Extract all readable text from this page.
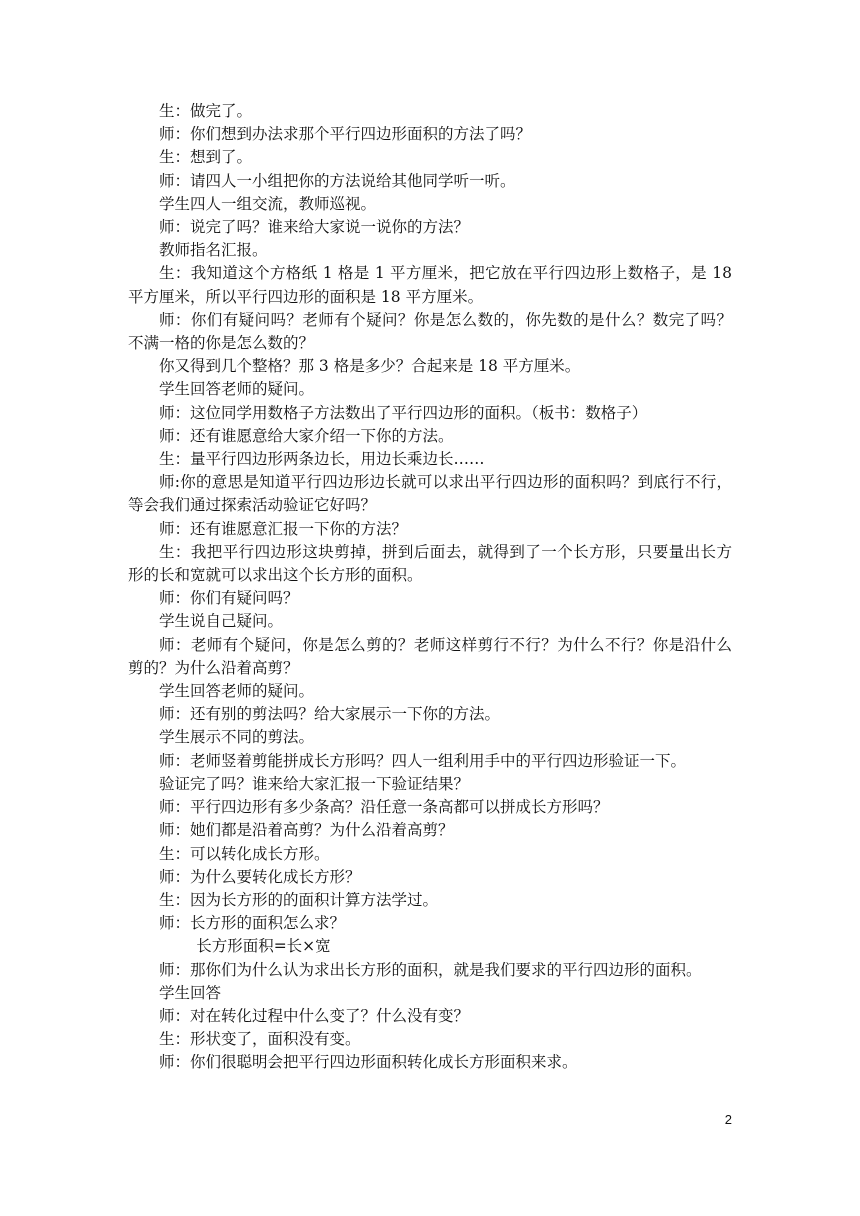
生：做完了。

师：你们想到办法求那个平行四边形面积的方法了吗？

生：想到了。

师：请四人一小组把你的方法说给其他同学听一听。

学生四人一组交流，教师巡视。

师：说完了吗？谁来给大家说一说你的方法？

教师指名汇报。

生：我知道这个方格纸 1 格是 1 平方厘米，把它放在平行四边形上数格子，是 18 平方厘米，所以平行四边形的面积是 18 平方厘米。

师：你们有疑问吗？老师有个疑问？你是怎么数的，你先数的是什么？数完了吗？不满一格的你是怎么数的？

你又得到几个整格？那 3 格是多少？合起来是 18 平方厘米。

学生回答老师的疑问。

师：这位同学用数格子方法数出了平行四边形的面积。（板书：数格子）

师：还有谁愿意给大家介绍一下你的方法。

生：量平行四边形两条边长，用边长乘边长……

师:你的意思是知道平行四边形边长就可以求出平行四边形的面积吗？到底行不行，等会我们通过探索活动验证它好吗？

师：还有谁愿意汇报一下你的方法？

生：我把平行四边形这块剪掉，拼到后面去，就得到了一个长方形，只要量出长方形的长和宽就可以求出这个长方形的面积。

师：你们有疑问吗？

学生说自己疑问。

师：老师有个疑问，你是怎么剪的？老师这样剪行不行？为什么不行？你是沿什么剪的？为什么沿着高剪？

学生回答老师的疑问。

师：还有别的剪法吗？给大家展示一下你的方法。

学生展示不同的剪法。

师：老师竖着剪能拼成长方形吗？四人一组利用手中的平行四边形验证一下。

验证完了吗？谁来给大家汇报一下验证结果？

师：平行四边形有多少条高？沿任意一条高都可以拼成长方形吗？

师：她们都是沿着高剪？为什么沿着高剪？

生：可以转化成长方形。

师：为什么要转化成长方形？

生：因为长方形的的面积计算方法学过。

师：长方形的面积怎么求？

长方形面积=长×宽

师：那你们为什么认为求出长方形的面积，就是我们要求的平行四边形的面积。

学生回答

师：对在转化过程中什么变了？什么没有变？

生：形状变了，面积没有变。

师：你们很聪明会把平行四边形面积转化成长方形面积来求。

2
